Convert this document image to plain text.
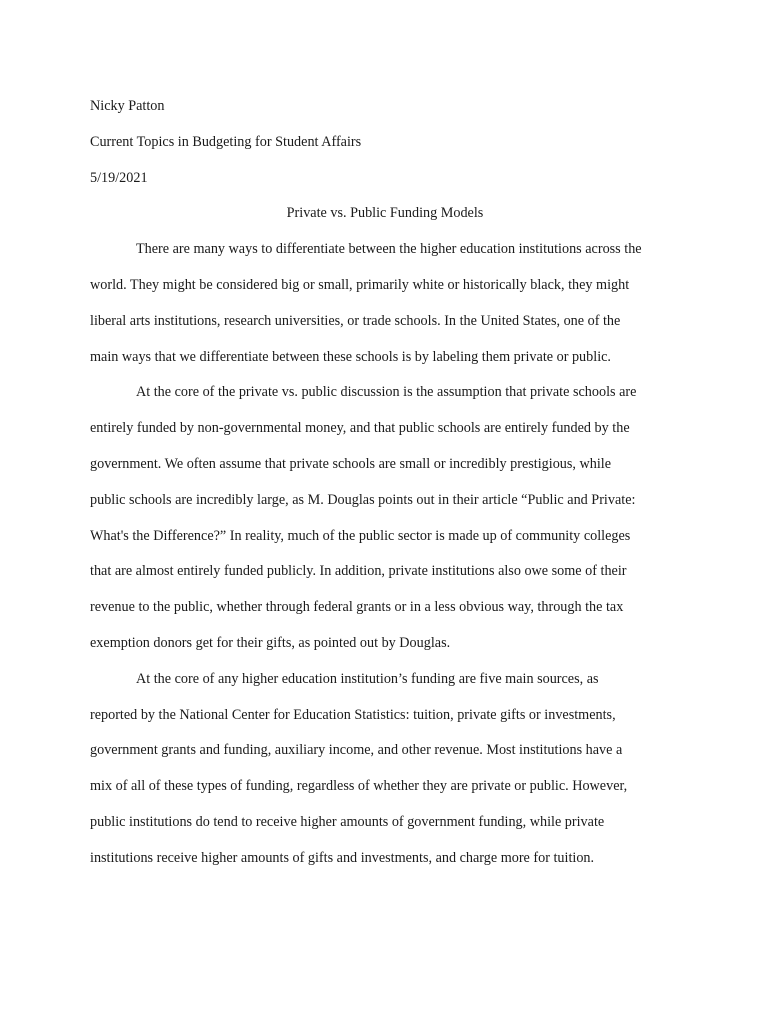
Nicky Patton

Current Topics in Budgeting for Student Affairs

5/19/2021

Private vs. Public Funding Models

There are many ways to differentiate between the higher education institutions across the

world. They might be considered big or small, primarily white or historically black, they might

liberal arts institutions, research universities, or trade schools. In the United States, one of the

main ways that we differentiate between these schools is by labeling them private or public.

At the core of the private vs. public discussion is the assumption that private schools are

entirely funded by non-governmental money, and that public schools are entirely funded by the

government. We often assume that private schools are small or incredibly prestigious, while

public schools are incredibly large, as M. Douglas points out in their article “Public and Private:

What's the Difference?” In reality, much of the public sector is made up of community colleges

that are almost entirely funded publicly. In addition, private institutions also owe some of their

revenue to the public, whether through federal grants or in a less obvious way, through the tax

exemption donors get for their gifts, as pointed out by Douglas.

At the core of any higher education institution’s funding are five main sources, as

reported by the National Center for Education Statistics: tuition, private gifts or investments,

government grants and funding, auxiliary income, and other revenue. Most institutions have a

mix of all of these types of funding, regardless of whether they are private or public. However,

public institutions do tend to receive higher amounts of government funding, while private

institutions receive higher amounts of gifts and investments, and charge more for tuition.
